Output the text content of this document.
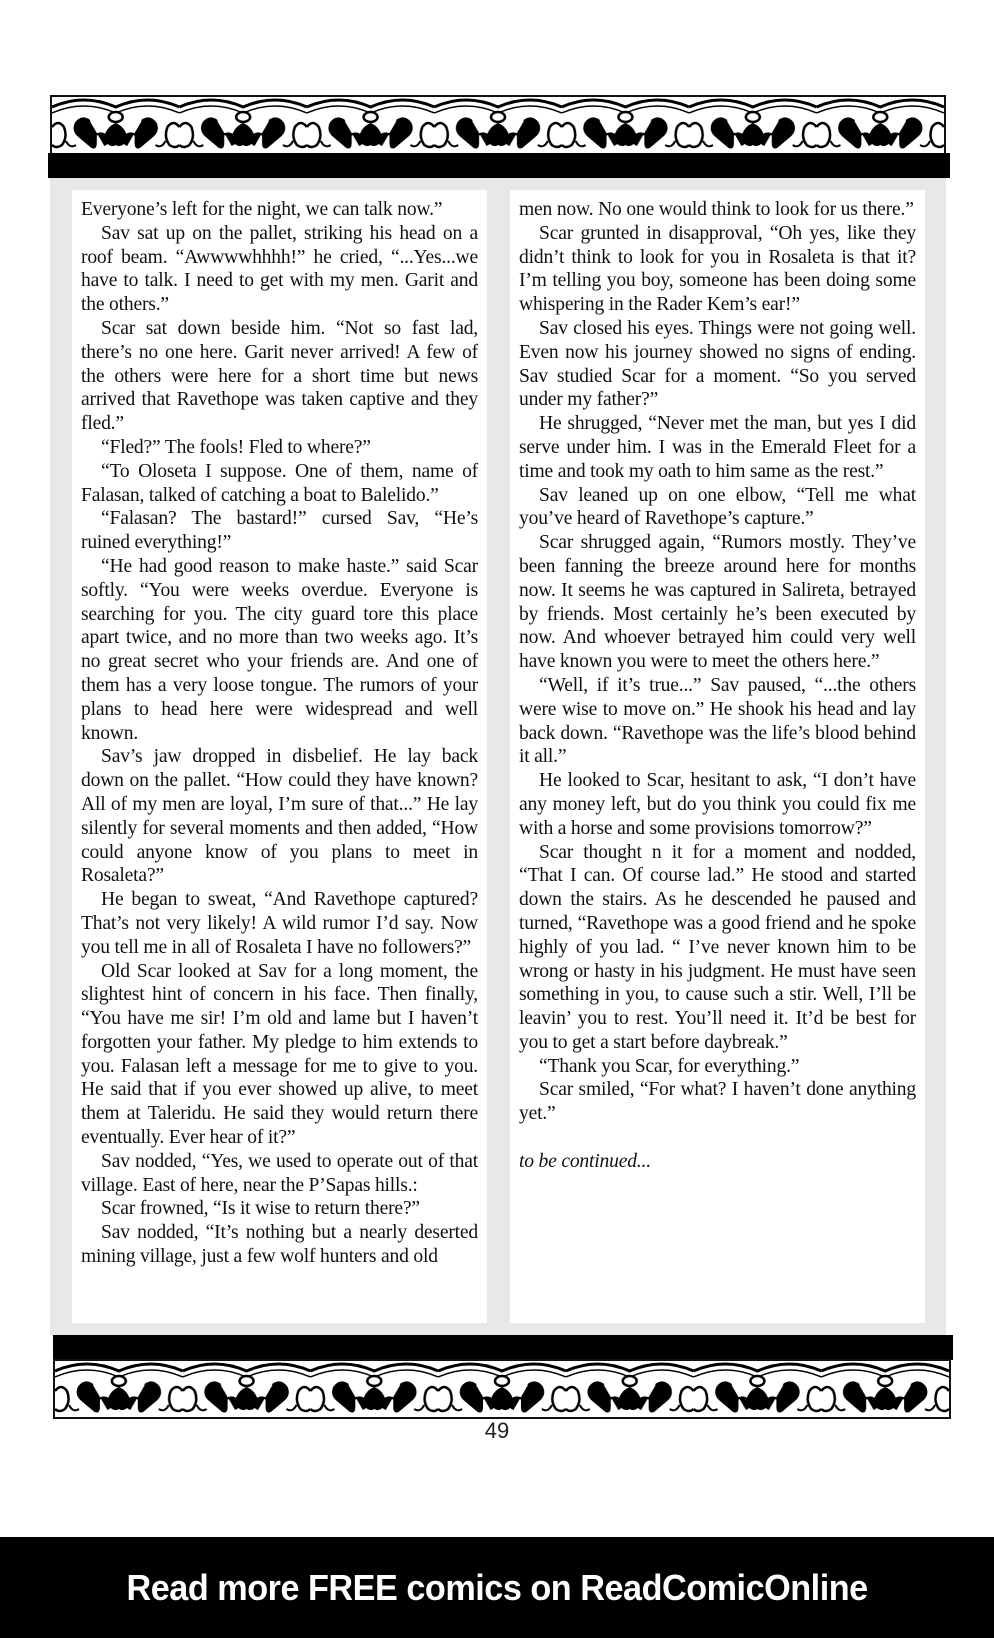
Everyone’s left for the night, we can talk now.”

Sav sat up on the pallet, striking his head on a roof beam. “Awwwwhhhh!” he cried, “...Yes...we have to talk. I need to get with my men. Garit and the others.”

Scar sat down beside him. “Not so fast lad, there’s no one here. Garit never arrived! A few of the others were here for a short time but news arrived that Ravethope was taken captive and they fled.”

“Fled?” The fools! Fled to where?”

“To Oloseta I suppose. One of them, name of Falasan, talked of catching a boat to Balelido.”

“Falasan? The bastard!” cursed Sav, “He’s ruined everything!”

“He had good reason to make haste.” said Scar softly. “You were weeks overdue. Everyone is searching for you. The city guard tore this place apart twice, and no more than two weeks ago. It’s no great secret who your friends are. And one of them has a very loose tongue. The rumors of your plans to head here were widespread and well known.

Sav’s jaw dropped in disbelief. He lay back down on the pallet. “How could they have known? All of my men are loyal, I’m sure of that...” He lay silently for several moments and then added, “How could anyone know of you plans to meet in Rosaleta?”

He began to sweat, “And Ravethope captured? That’s not very likely! A wild rumor I’d say. Now you tell me in all of Rosaleta I have no followers?”

Old Scar looked at Sav for a long moment, the slightest hint of concern in his face. Then finally, “You have me sir! I’m old and lame but I haven’t forgotten your father. My pledge to him extends to you. Falasan left a message for me to give to you. He said that if you ever showed up alive, to meet them at Taleridu. He said they would return there eventually. Ever hear of it?”

Sav nodded, “Yes, we used to operate out of that village. East of here, near the P’Sapas hills.:

Scar frowned, “Is it wise to return there?”

Sav nodded, “It’s nothing but a nearly deserted mining village, just a few wolf hunters and old

men now. No one would think to look for us there.”

Scar grunted in disapproval, “Oh yes, like they didn’t think to look for you in Rosaleta is that it? I’m telling you boy, someone has been doing some whispering in the Rader Kem’s ear!”

Sav closed his eyes. Things were not going well. Even now his journey showed no signs of ending. Sav studied Scar for a moment. “So you served under my father?”

He shrugged, “Never met the man, but yes I did serve under him. I was in the Emerald Fleet for a time and took my oath to him same as the rest.”

Sav leaned up on one elbow, “Tell me what you’ve heard of Ravethope’s capture.”

Scar shrugged again, “Rumors mostly. They’ve been fanning the breeze around here for months now. It seems he was captured in Salireta, betrayed by friends. Most certainly he’s been executed by now. And whoever betrayed him could very well have known you were to meet the others here.”

“Well, if it’s true...” Sav paused, “...the others were wise to move on.” He shook his head and lay back down. “Ravethope was the life’s blood behind it all.”

He looked to Scar, hesitant to ask, “I don’t have any money left, but do you think you could fix me with a horse and some provisions tomorrow?”

Scar thought n it for a moment and nodded, “That I can. Of course lad.” He stood and started down the stairs. As he descended he paused and turned, “Ravethope was a good friend and he spoke highly of you lad. “ I’ve never known him to be wrong or hasty in his judgment. He must have seen something in you, to cause such a stir. Well, I’ll be leavin’ you to rest. You’ll need it. It’d be best for you to get a start before daybreak.”

“Thank you Scar, for everything.”

Scar smiled, “For what? I haven’t done anything yet.”

to be continued...

49
Read more FREE comics on ReadComicOnline
